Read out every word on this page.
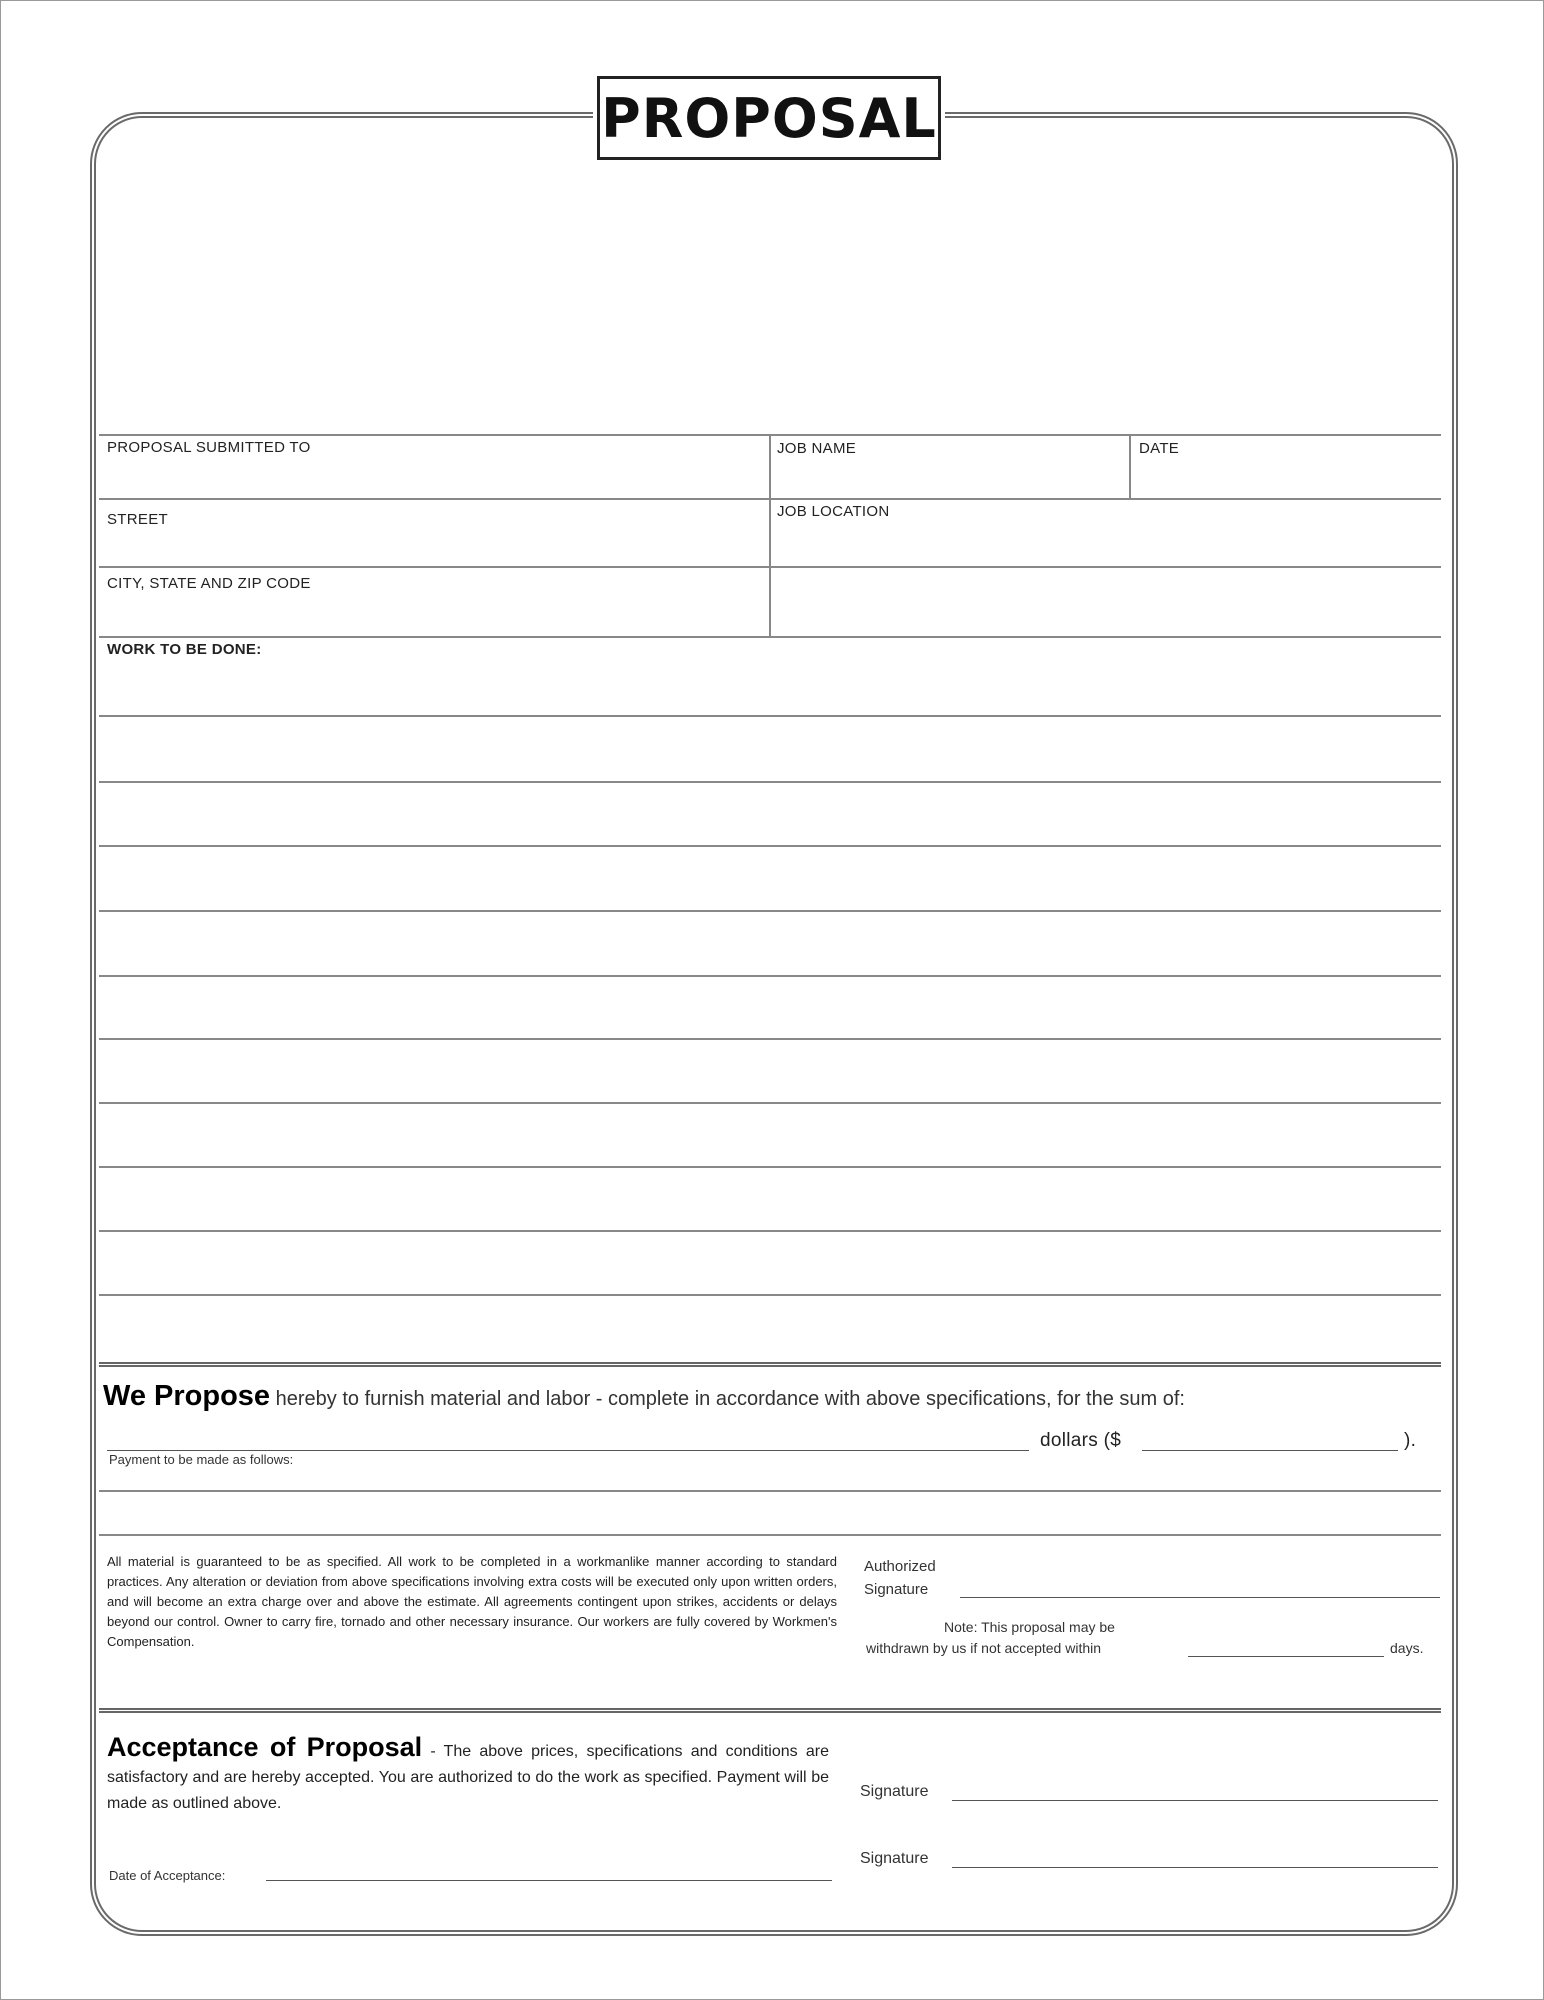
PROPOSAL
PROPOSAL SUBMITTED TO	JOB NAME	DATE
STREET	JOB LOCATION
CITY, STATE AND ZIP CODE
WORK TO BE DONE:
We Propose hereby to furnish material and labor - complete in accordance with above specifications, for the sum of:
dollars ($	).
Payment to be made as follows:
All material is guaranteed to be as specified. All work to be completed in a workmanlike manner according to standard practices. Any alteration or deviation from above specifications involving extra costs will be executed only upon written orders, and will become an extra charge over and above the estimate. All agreements contingent upon strikes, accidents or delays beyond our control. Owner to carry fire, tornado and other necessary insurance. Our workers are fully covered by Workmen's Compensation.
Authorized
Signature
Note: This proposal may be
withdrawn by us if not accepted within	days.
Acceptance of Proposal - The above prices, specifications and conditions are satisfactory and are hereby accepted. You are authorized to do the work as specified. Payment will be made as outlined above.
Signature
Signature
Date of Acceptance:
